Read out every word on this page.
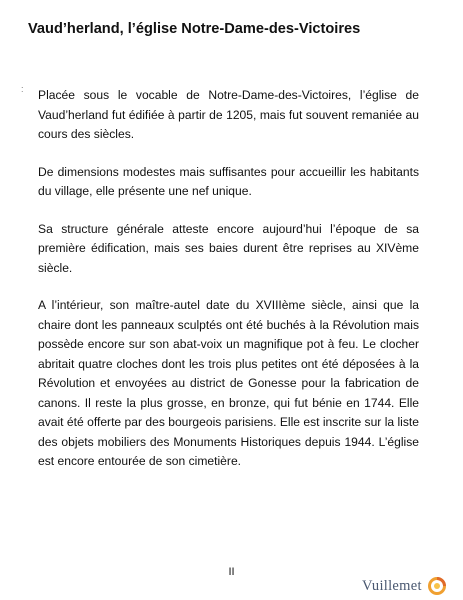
Vaud’herland, l’église Notre-Dame-des-Victoires
: Placée sous le vocable de Notre-Dame-des-Victoires, l’église de Vaud’herland fut édifiée à partir de 1205, mais fut souvent remaniée au cours des siècles.

De dimensions modestes mais suffisantes pour accueillir les habitants du village, elle présente une nef unique.

Sa structure générale atteste encore aujourd’hui l’époque de sa première édification, mais ses baies durent être reprises au XIVème siècle.

A l’intérieur, son maître-autel date du XVIIIème siècle, ainsi que la chaire dont les panneaux sculptés ont été buchés à la Révolution mais possède encore sur son abat-voix un magnifique pot à feu. Le clocher abritait quatre cloches dont les trois plus petites ont été déposées à la Révolution et envoyées au district de Gonesse pour la fabrication de canons. Il reste la plus grosse, en bronze, qui fut bénie en 1744. Elle avait été offerte par des bourgeois parisiens. Elle est inscrite sur la liste des objets mobiliers des Monuments Historiques depuis 1944. L’église est encore entourée de son cimetière.

II
Vuillemet
